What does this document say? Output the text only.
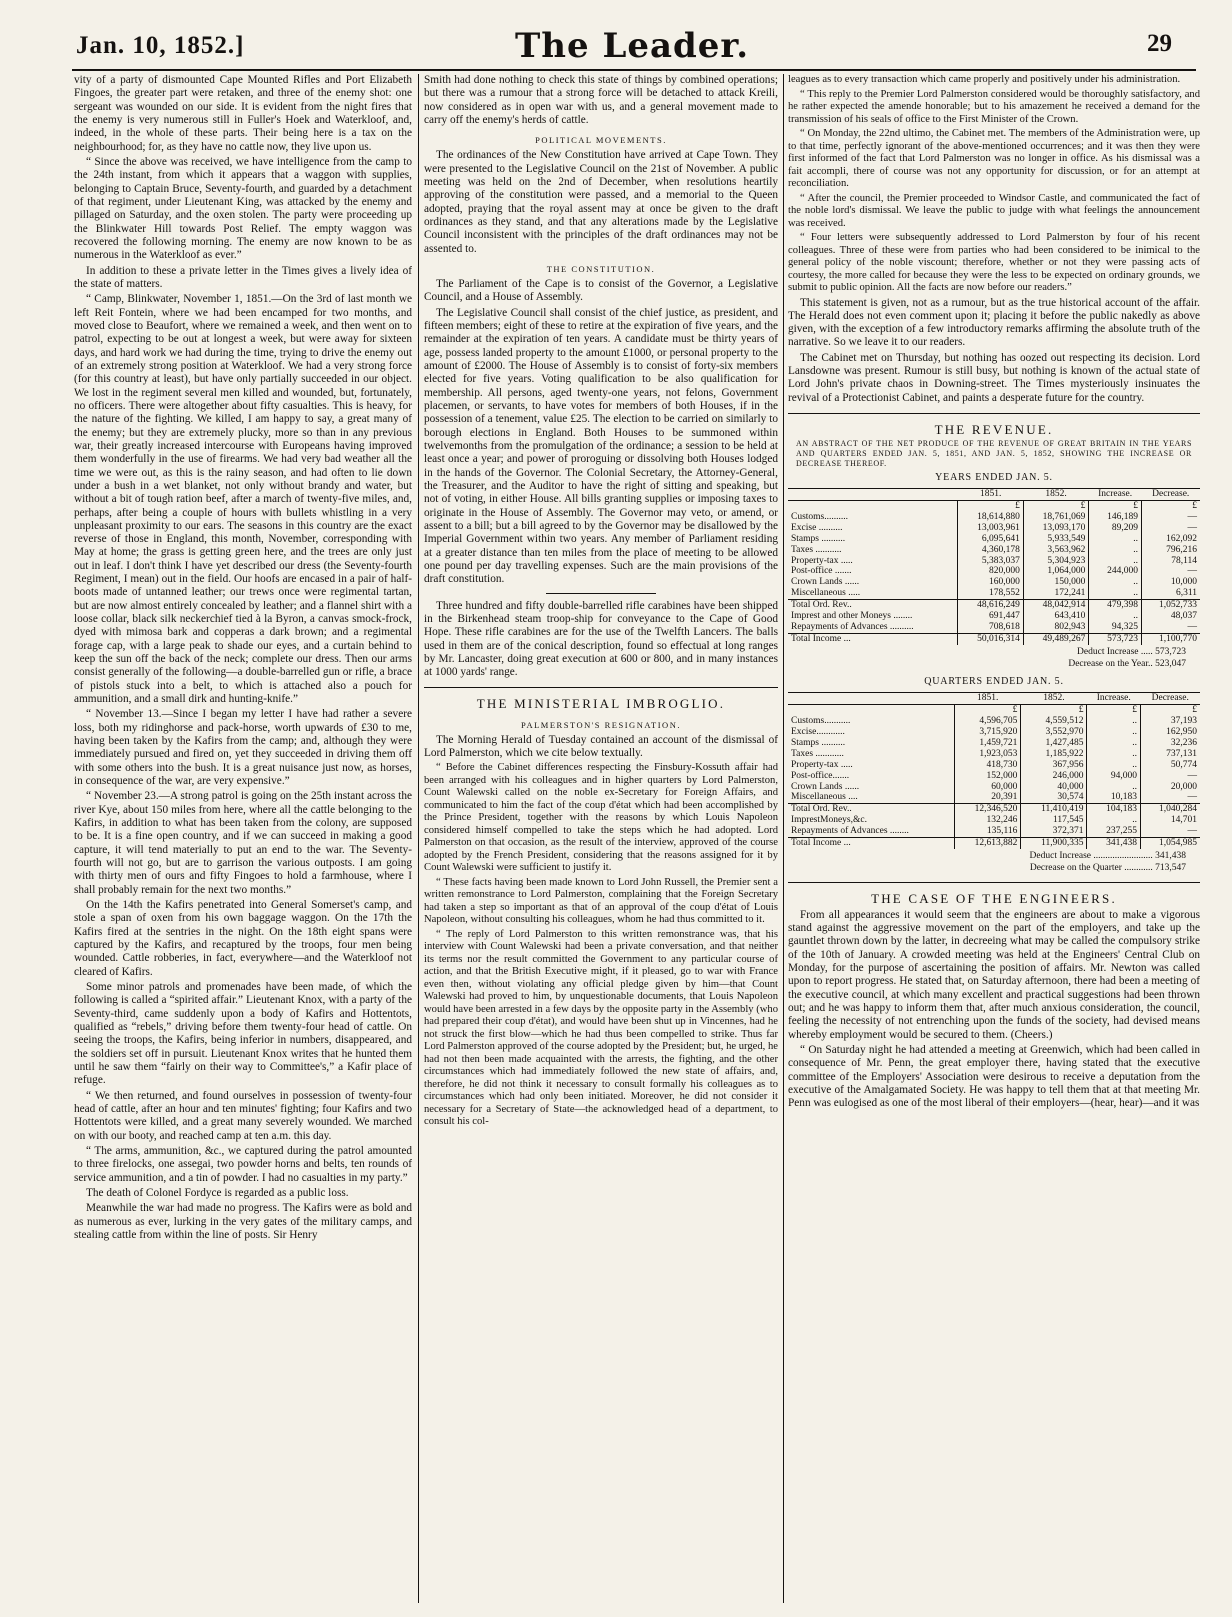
Jan. 10, 1852.]	The Leader.	29

vity of a party of dismounted Cape Mounted Rifles and Port Elizabeth Fingoes, the greater part were retaken, and three of the enemy shot: one sergeant was wounded on our side. It is evident from the night fires that the enemy is very numerous still in Fuller's Hoek and Waterkloof, and, indeed, in the whole of these parts. Their being here is a tax on the neighbourhood; for, as they have no cattle now, they live upon us.

“ Since the above was received, we have intelligence from the camp to the 24th instant, from which it appears that a waggon with supplies, belonging to Captain Bruce, Seventy-fourth, and guarded by a detachment of that regiment, under Lieutenant King, was attacked by the enemy and pillaged on Saturday, and the oxen stolen. The party were proceeding up the Blinkwater Hill towards Post Relief. The empty waggon was recovered the following morning. The enemy are now known to be as numerous in the Waterkloof as ever.”

In addition to these a private letter in the Times gives a lively idea of the state of matters.

“ Camp, Blinkwater, November 1, 1851.—On the 3rd of last month we left Reit Fontein, where we had been encamped for two months, and moved close to Beaufort, where we remained a week, and then went on to patrol, expecting to be out at longest a week, but were away for sixteen days, and hard work we had during the time, trying to drive the enemy out of an extremely strong position at Waterkloof. We had a very strong force (for this country at least), but have only partially succeeded in our object. We lost in the regiment several men killed and wounded, but, fortunately, no officers. There were altogether about fifty casualties. This is heavy, for the nature of the fighting. We killed, I am happy to say, a great many of the enemy; but they are extremely plucky, more so than in any previous war, their greatly increased intercourse with Europeans having improved them wonderfully in the use of firearms. We had very bad weather all the time we were out, as this is the rainy season, and had often to lie down under a bush in a wet blanket, not only without brandy and water, but without a bit of tough ration beef, after a march of twenty-five miles, and, perhaps, after being a couple of hours with bullets whistling in a very unpleasant proximity to our ears. The seasons in this country are the exact reverse of those in England, this month, November, corresponding with May at home; the grass is getting green here, and the trees are only just out in leaf. I don't think I have yet described our dress (the Seventy-fourth Regiment, I mean) out in the field. Our hoofs are encased in a pair of half-boots made of untanned leather; our trews once were regimental tartan, but are now almost entirely concealed by leather; and a flannel shirt with a loose collar, black silk neckerchief tied à la Byron, a canvas smock-frock, dyed with mimosa bark and copperas a dark brown; and a regimental forage cap, with a large peak to shade our eyes, and a curtain behind to keep the sun off the back of the neck; complete our dress. Then our arms consist generally of the following—a double-barrelled gun or rifle, a brace of pistols stuck into a belt, to which is attached also a pouch for ammunition, and a small dirk and hunting-knife.”

“ November 13.—Since I began my letter I have had rather a severe loss, both my ridinghorse and pack-horse, worth upwards of £30 to me, having been taken by the Kafirs from the camp; and, although they were immediately pursued and fired on, yet they succeeded in driving them off with some others into the bush. It is a great nuisance just now, as horses, in consequence of the war, are very expensive.”

“ November 23.—A strong patrol is going on the 25th instant across the river Kye, about 150 miles from here, where all the cattle belonging to the Kafirs, in addition to what has been taken from the colony, are supposed to be. It is a fine open country, and if we can succeed in making a good capture, it will tend materially to put an end to the war. The Seventy-fourth will not go, but are to garrison the various outposts. I am going with thirty men of ours and fifty Fingoes to hold a farmhouse, where I shall probably remain for the next two months.”

On the 14th the Kafirs penetrated into General Somerset's camp, and stole a span of oxen from his own baggage waggon. On the 17th the Kafirs fired at the sentries in the night. On the 18th eight spans were captured by the Kafirs, and recaptured by the troops, four men being wounded. Cattle robberies, in fact, everywhere—and the Waterkloof not cleared of Kafirs.

Some minor patrols and promenades have been made, of which the following is called a “spirited affair.” Lieutenant Knox, with a party of the Seventy-third, came suddenly upon a body of Kafirs and Hottentots, qualified as “rebels,” driving before them twenty-four head of cattle. On seeing the troops, the Kafirs, being inferior in numbers, disappeared, and the soldiers set off in pursuit. Lieutenant Knox writes that he hunted them until he saw them “fairly on their way to Committee's,” a Kafir place of refuge.

“ We then returned, and found ourselves in possession of twenty-four head of cattle, after an hour and ten minutes' fighting; four Kafirs and two Hottentots were killed, and a great many severely wounded. We marched on with our booty, and reached camp at ten a.m. this day.

“ The arms, ammunition, &c., we captured during the patrol amounted to three firelocks, one assegai, two powder horns and belts, ten rounds of service ammunition, and a tin of powder. I had no casualties in my party.”

The death of Colonel Fordyce is regarded as a public loss.

Meanwhile the war had made no progress. The Kafirs were as bold and as numerous as ever, lurking in the very gates of the military camps, and stealing cattle from within the line of posts. Sir Henry

Smith had done nothing to check this state of things by combined operations; but there was a rumour that a strong force will be detached to attack Kreili, now considered as in open war with us, and a general movement made to carry off the enemy's herds of cattle.

POLITICAL MOVEMENTS.

The ordinances of the New Constitution have arrived at Cape Town. They were presented to the Legislative Council on the 21st of November. A public meeting was held on the 2nd of December, when resolutions heartily approving of the constitution were passed, and a memorial to the Queen adopted, praying that the royal assent may at once be given to the draft ordinances as they stand, and that any alterations made by the Legislative Council inconsistent with the principles of the draft ordinances may not be assented to.

THE CONSTITUTION.

The Parliament of the Cape is to consist of the Governor, a Legislative Council, and a House of Assembly.

The Legislative Council shall consist of the chief justice, as president, and fifteen members; eight of these to retire at the expiration of five years, and the remainder at the expiration of ten years. A candidate must be thirty years of age, possess landed property to the amount £1000, or personal property to the amount of £2000. The House of Assembly is to consist of forty-six members elected for five years. Voting qualification to be also qualification for membership. All persons, aged twenty-one years, not felons, Government placemen, or servants, to have votes for members of both Houses, if in the possession of a tenement, value £25. The election to be carried on similarly to borough elections in England. Both Houses to be summoned within twelvemonths from the promulgation of the ordinance; a session to be held at least once a year; and power of proroguing or dissolving both Houses lodged in the hands of the Governor. The Colonial Secretary, the Attorney-General, the Treasurer, and the Auditor to have the right of sitting and speaking, but not of voting, in either House. All bills granting supplies or imposing taxes to originate in the House of Assembly. The Governor may veto, or amend, or assent to a bill; but a bill agreed to by the Governor may be disallowed by the Imperial Government within two years. Any member of Parliament residing at a greater distance than ten miles from the place of meeting to be allowed one pound per day travelling expenses. Such are the main provisions of the draft constitution.

Three hundred and fifty double-barrelled rifle carabines have been shipped in the Birkenhead steam troop-ship for conveyance to the Cape of Good Hope. These rifle carabines are for the use of the Twelfth Lancers. The balls used in them are of the conical description, found so effectual at long ranges by Mr. Lancaster, doing great execution at 600 or 800, and in many instances at 1000 yards' range.

THE MINISTERIAL IMBROGLIO.
PALMERSTON'S RESIGNATION.

The Morning Herald of Tuesday contained an account of the dismissal of Lord Palmerston, which we cite below textually.

“ Before the Cabinet differences respecting the Finsbury-Kossuth affair had been arranged with his colleagues and in higher quarters by Lord Palmerston, Count Walewski called on the noble ex-Secretary for Foreign Affairs, and communicated to him the fact of the coup d'état which had been accomplished by the Prince President, together with the reasons by which Louis Napoleon considered himself compelled to take the steps which he had adopted. Lord Palmerston on that occasion, as the result of the interview, approved of the course adopted by the French President, considering that the reasons assigned for it by Count Walewski were sufficient to justify it.

“ These facts having been made known to Lord John Russell, the Premier sent a written remonstrance to Lord Palmerston, complaining that the Foreign Secretary had taken a step so important as that of an approval of the coup d'état of Louis Napoleon, without consulting his colleagues, whom he had thus committed to it.

“ The reply of Lord Palmerston to this written remonstrance was, that his interview with Count Walewski had been a private conversation, and that neither its terms nor the result committed the Government to any particular course of action, and that the British Executive might, if it pleased, go to war with France even then, without violating any official pledge given by him—that Count Walewski had proved to him, by unquestionable documents, that Louis Napoleon would have been arrested in a few days by the opposite party in the Assembly (who had prepared their coup d'état), and would have been shut up in Vincennes, had he not struck the first blow—which he had thus been compelled to strike. Thus far Lord Palmerston approved of the course adopted by the President; but, he urged, he had not then been made acquainted with the arrests, the fighting, and the other circumstances which had immediately followed the new state of affairs, and, therefore, he did not think it necessary to consult formally his colleagues as to circumstances which had only been initiated. Moreover, he did not consider it necessary for a Secretary of State—the acknowledged head of a department, to consult his col-

leagues as to every transaction which came properly and positively under his administration.

“ This reply to the Premier Lord Palmerston considered would be thoroughly satisfactory, and he rather expected the amende honorable; but to his amazement he received a demand for the transmission of his seals of office to the First Minister of the Crown.

“ On Monday, the 22nd ultimo, the Cabinet met. The members of the Administration were, up to that time, perfectly ignorant of the above-mentioned occurrences; and it was then they were first informed of the fact that Lord Palmerston was no longer in office. As his dismissal was a fait accompli, there of course was not any opportunity for discussion, or for an attempt at reconciliation.

“ After the council, the Premier proceeded to Windsor Castle, and communicated the fact of the noble lord's dismissal. We leave the public to judge with what feelings the announcement was received.

“ Four letters were subsequently addressed to Lord Palmerston by four of his recent colleagues. Three of these were from parties who had been considered to be inimical to the general policy of the noble viscount; therefore, whether or not they were passing acts of courtesy, the more called for because they were the less to be expected on ordinary grounds, we submit to public opinion. All the facts are now before our readers.”

This statement is given, not as a rumour, but as the true historical account of the affair. The Herald does not even comment upon it; placing it before the public nakedly as above given, with the exception of a few introductory remarks affirming the absolute truth of the narrative. So we leave it to our readers.

The Cabinet met on Thursday, but nothing has oozed out respecting its decision. Lord Lansdowne was present. Rumour is still busy, but nothing is known of the actual state of Lord John's private chaos in Downing-street. The Times mysteriously insinuates the revival of a Protectionist Cabinet, and paints a desperate future for the country.

THE REVENUE.
AN ABSTRACT OF THE NET PRODUCE OF THE REVENUE OF GREAT BRITAIN IN THE YEARS AND QUARTERS ENDED JAN. 5, 1851, AND JAN. 5, 1852, SHOWING THE INCREASE OR DECREASE THEREOF.
YEARS ENDED JAN. 5.
	1851.	1852.	Increase.	Decrease.
	£	£	£	£
Customs..........	18,614,880	18,761,069	146,189	—
Excise ..........	13,003,961	13,093,170	89,209	—
Stamps ..........	6,095,641	5,933,549	..	162,092
Taxes ...........	4,360,178	3,563,962	..	796,216
Property-tax .....	5,383,037	5,304,923	..	78,114
Post-office .......	820,000	1,064,000	244,000	—
Crown Lands ......	160,000	150,000	..	10,000
Miscellaneous .....	178,552	172,241	..	6,311
Total Ord. Rev..	48,616,249	48,042,914	479,398	1,052,733
Imprest and other Moneys ........	691,447	643,410	..	48,037
Repayments of Advances ..........	708,618	802,943	94,325	—
Total Income ...	50,016,314	49,489,267	573,723	1,100,770
Deduct Increase ..... 573,723
Decrease on the Year.. 523,047
QUARTERS ENDED JAN. 5.
	1851.	1852.	Increase.	Decrease.
	£	£	£	£
Customs...........	4,596,705	4,559,512	..	37,193
Excise............	3,715,920	3,552,970	..	162,950
Stamps ..........	1,459,721	1,427,485	..	32,236
Taxes ............	1,923,053	1,185,922	..	737,131
Property-tax .....	418,730	367,956	..	50,774
Post-office.......	152,000	246,000	94,000	—
Crown Lands ......	60,000	40,000	..	20,000
Miscellaneous ....	20,391	30,574	10,183	—
Total Ord. Rev..	12,346,520	11,410,419	104,183	1,040,284
ImprestMoneys,&c.	132,246	117,545	..	14,701
Repayments of Advances ........	135,116	372,371	237,255	—
Total Income ...	12,613,882	11,900,335	341,438	1,054,985
Deduct Increase ......................... 341,438
Decrease on the Quarter ............ 713,547
THE CASE OF THE ENGINEERS.

From all appearances it would seem that the engineers are about to make a vigorous stand against the aggressive movement on the part of the employers, and take up the gauntlet thrown down by the latter, in decreeing what may be called the compulsory strike of the 10th of January. A crowded meeting was held at the Engineers' Central Club on Monday, for the purpose of ascertaining the position of affairs. Mr. Newton was called upon to report progress. He stated that, on Saturday afternoon, there had been a meeting of the executive council, at which many excellent and practical suggestions had been thrown out; and he was happy to inform them that, after much anxious consideration, the council, feeling the necessity of not entrenching upon the funds of the society, had devised means whereby employment would be secured to them. (Cheers.)

“ On Saturday night he had attended a meeting at Greenwich, which had been called in consequence of Mr. Penn, the great employer there, having stated that the executive committee of the Employers' Association were desirous to receive a deputation from the executive of the Amalgamated Society. He was happy to tell them that at that meeting Mr. Penn was eulogised as one of the most liberal of their employers—(hear, hear)—and it was
